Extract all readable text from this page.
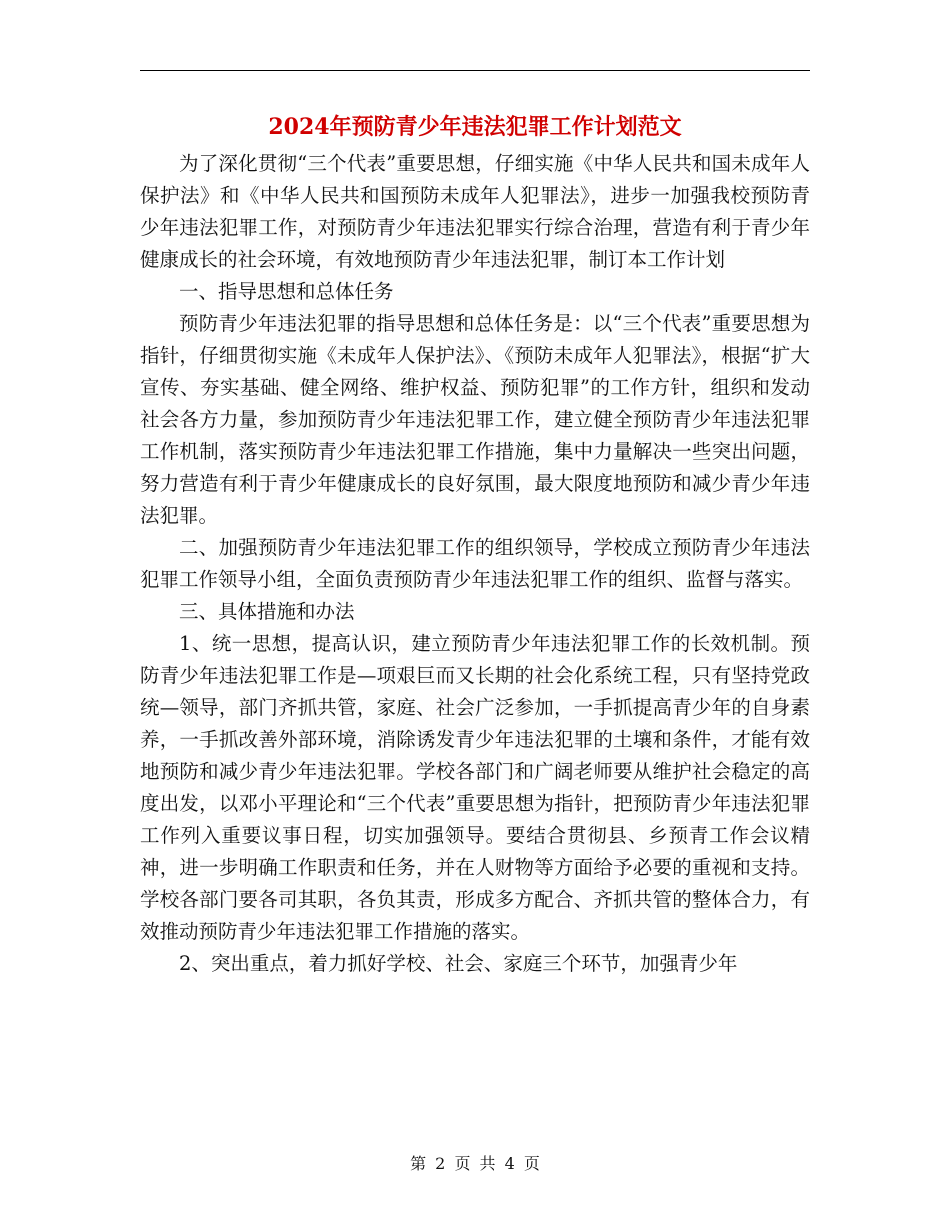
2024年预防青少年违法犯罪工作计划范文

为了深化贯彻“三个代表”重要思想，仔细实施《中华人民共和国未成年人保护法》和《中华人民共和国预防未成年人犯罪法》，进步一加强我校预防青少年违法犯罪工作，对预防青少年违法犯罪实行综合治理，营造有利于青少年健康成长的社会环境，有效地预防青少年违法犯罪，制订本工作计划

一、指导思想和总体任务

预防青少年违法犯罪的指导思想和总体任务是：以“三个代表”重要思想为指针，仔细贯彻实施《未成年人保护法》、《预防未成年人犯罪法》，根据“扩大宣传、夯实基础、健全网络、维护权益、预防犯罪”的工作方针，组织和发动社会各方力量，参加预防青少年违法犯罪工作，建立健全预防青少年违法犯罪工作机制，落实预防青少年违法犯罪工作措施，集中力量解决一些突出问题，努力营造有利于青少年健康成长的良好氛围，最大限度地预防和减少青少年违法犯罪。

二、加强预防青少年违法犯罪工作的组织领导，学校成立预防青少年违法犯罪工作领导小组，全面负责预防青少年违法犯罪工作的组织、监督与落实。

三、具体措施和办法

1、统一思想，提高认识，建立预防青少年违法犯罪工作的长效机制。预防青少年违法犯罪工作是—项艰巨而又长期的社会化系统工程，只有坚持党政统—领导，部门齐抓共管，家庭、社会广泛参加，一手抓提高青少年的自身素养，一手抓改善外部环境，消除诱发青少年违法犯罪的土壤和条件，才能有效地预防和减少青少年违法犯罪。学校各部门和广阔老师要从维护社会稳定的高度出发，以邓小平理论和“三个代表”重要思想为指针，把预防青少年违法犯罪工作列入重要议事日程，切实加强领导。要结合贯彻县、乡预青工作会议精神，进一步明确工作职责和任务，并在人财物等方面给予必要的重视和支持。学校各部门要各司其职，各负其责，形成多方配合、齐抓共管的整体合力，有效推动预防青少年违法犯罪工作措施的落实。

2、突出重点，着力抓好学校、社会、家庭三个环节，加强青少年

第 2 页 共 4 页
